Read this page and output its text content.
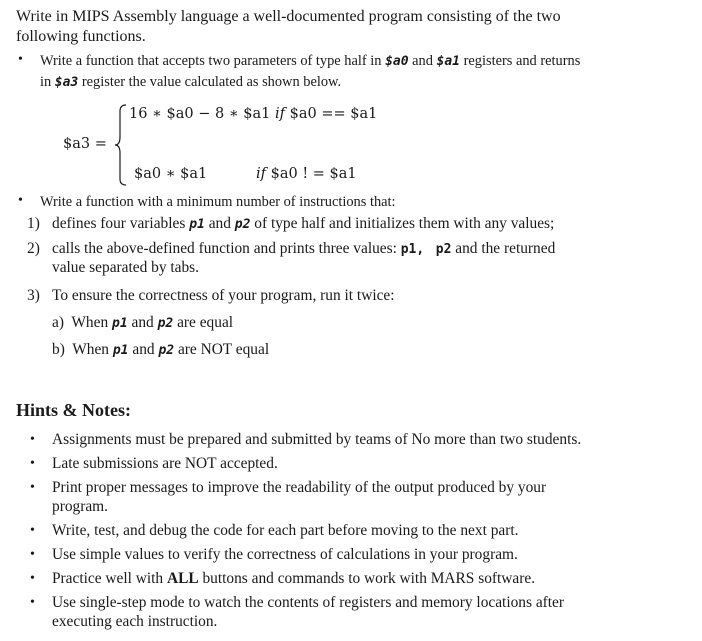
Write in MIPS Assembly language a well-documented program consisting of the two
following functions.
• Write a function that accepts two parameters of type half in $a0 and $a1 registers and returns
in $a3 register the value calculated as shown below.
$a3 =
16 ∗ $a0 − 8 ∗ $a1 if $a0 == $a1
$a0 ∗ $a1	if $a0 ! = $a1
• Write a function with a minimum number of instructions that:
1) defines four variables p1 and p2 of type half and initializes them with any values;
2) calls the above-defined function and prints three values: p1, p2 and the returned
value separated by tabs.
3) To ensure the correctness of your program, run it twice:
a) When p1 and p2 are equal
b) When p1 and p2 are NOT equal
Hints & Notes:
• Assignments must be prepared and submitted by teams of No more than two students.
• Late submissions are NOT accepted.
• Print proper messages to improve the readability of the output produced by your
program.
• Write, test, and debug the code for each part before moving to the next part.
• Use simple values to verify the correctness of calculations in your program.
• Practice well with ALL buttons and commands to work with MARS software.
• Use single-step mode to watch the contents of registers and memory locations after
executing each instruction.
